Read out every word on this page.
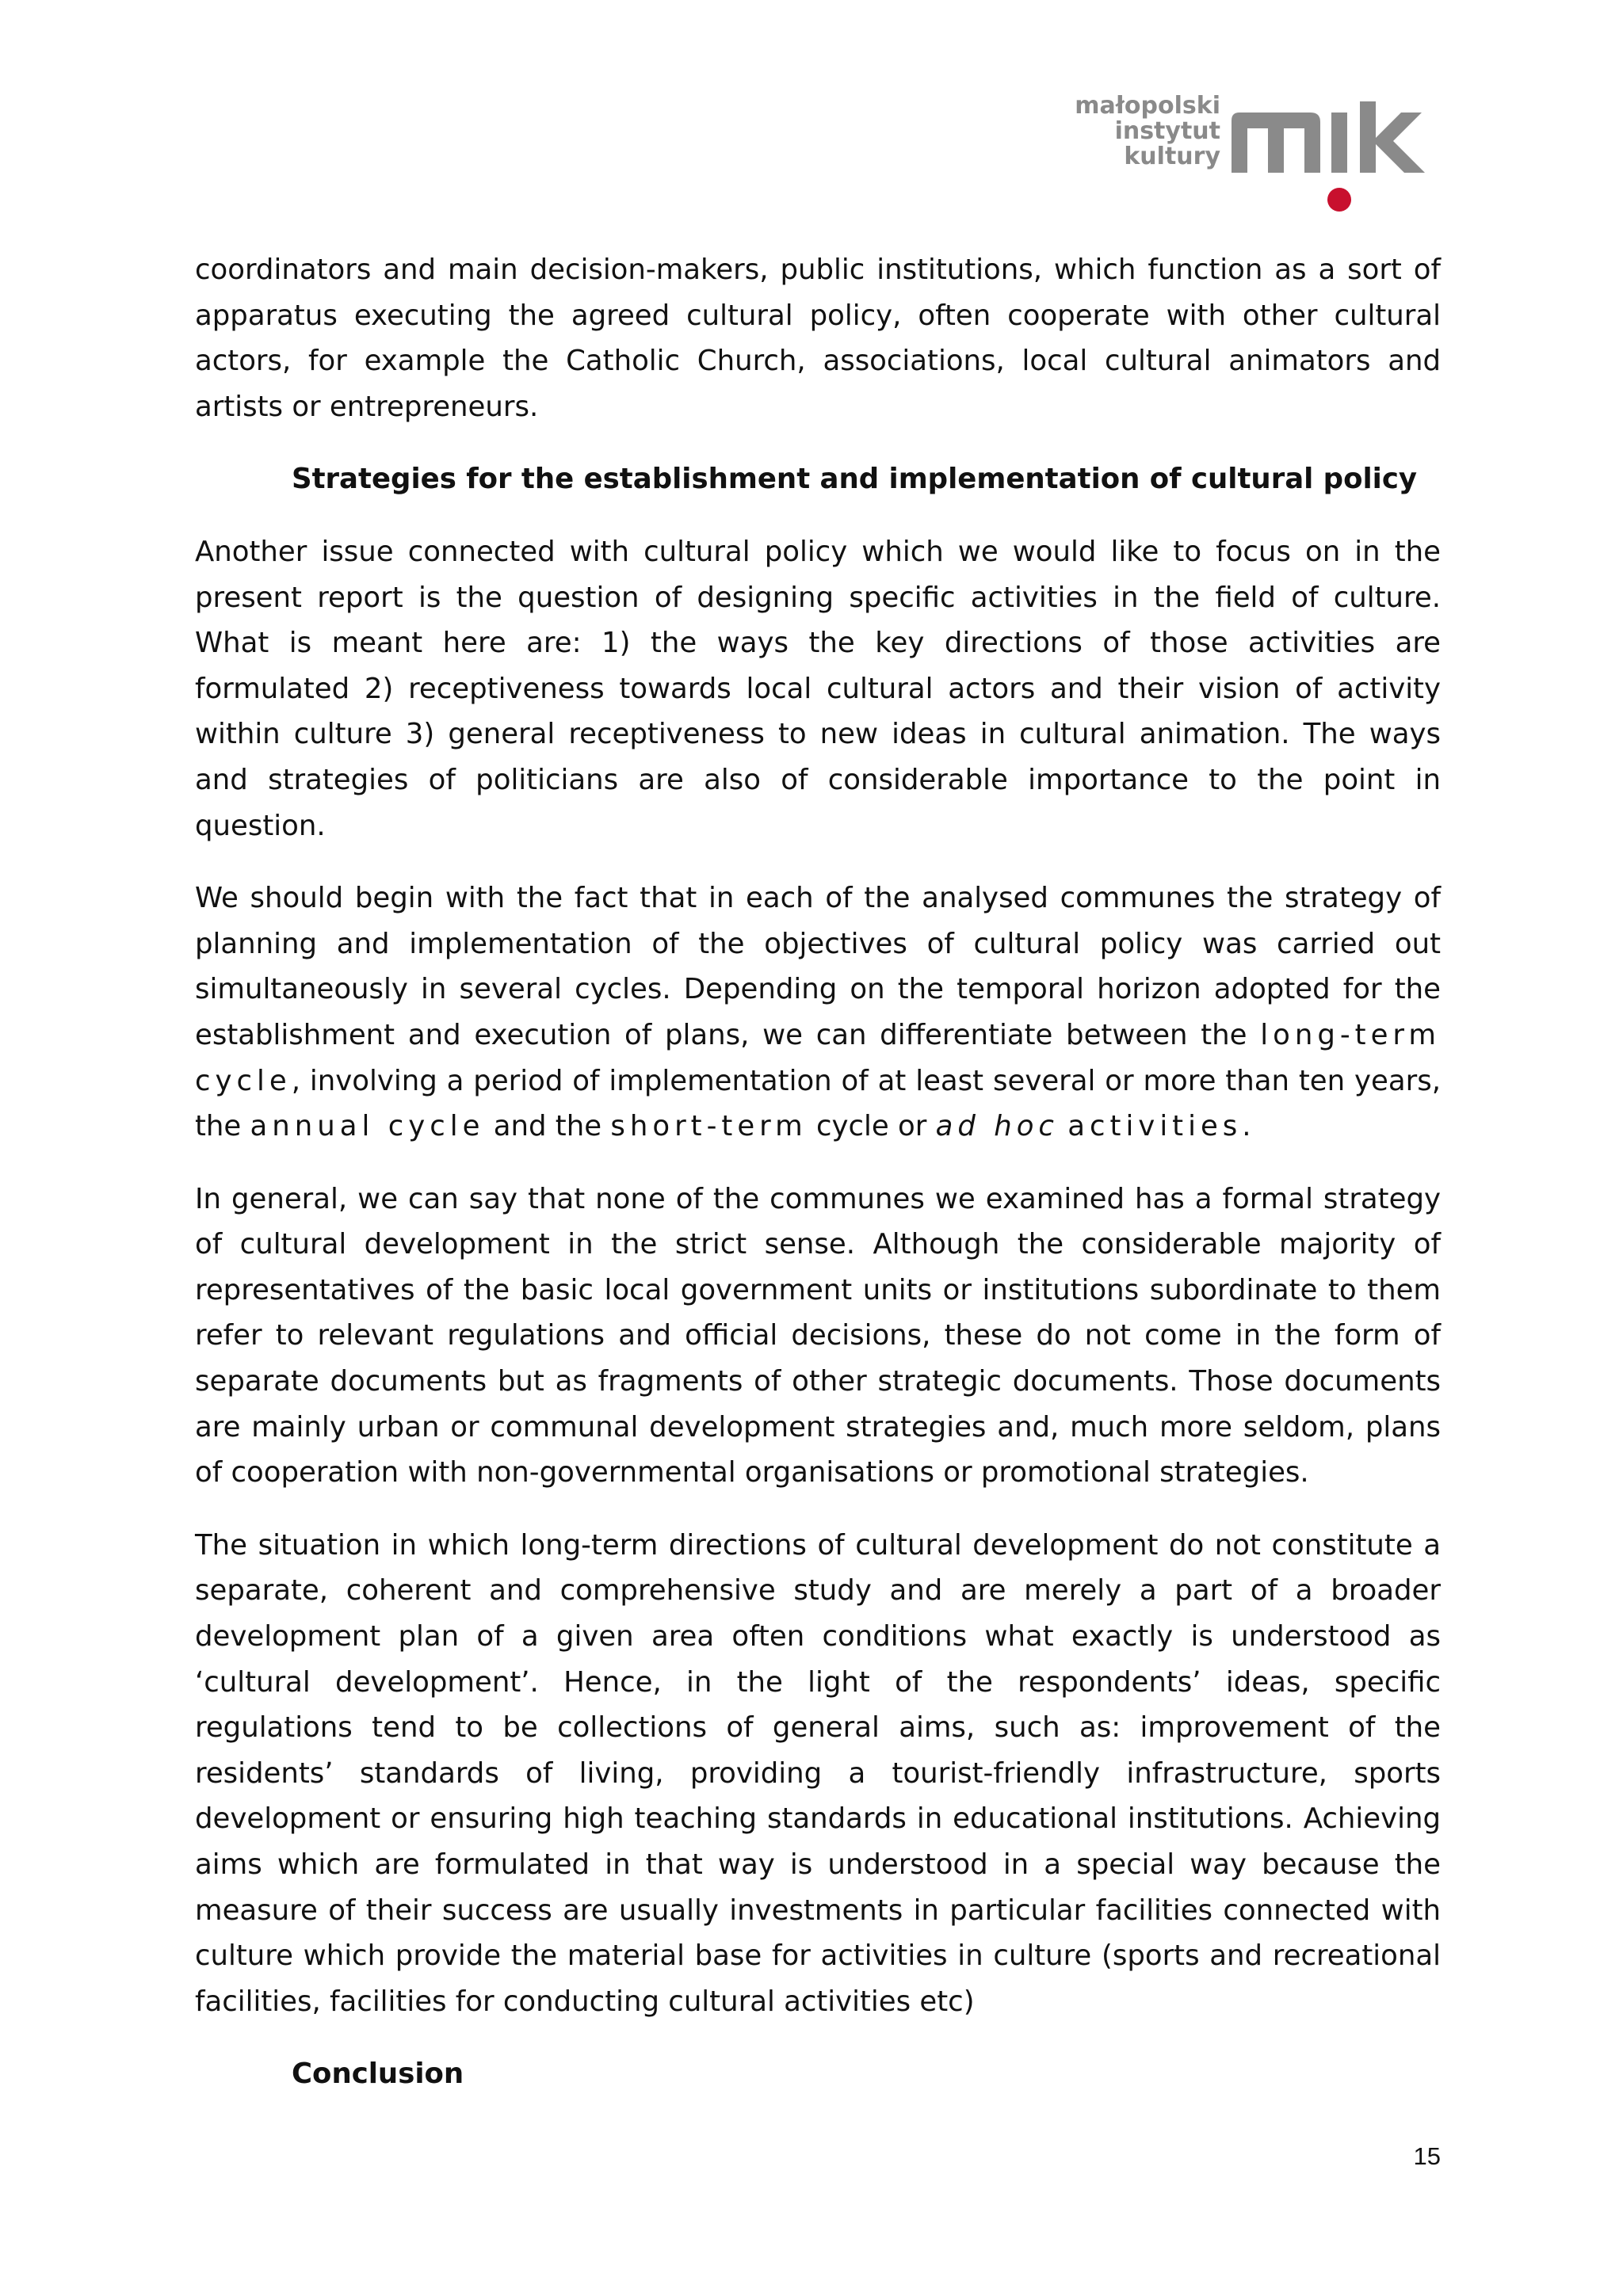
małopolski
instytut
kultury

coordinators and main decision-makers, public institutions, which function as a sort of apparatus executing the agreed cultural policy, often cooperate with other cultural actors, for example the Catholic Church, associations, local cultural animators and artists or entrepreneurs.

Strategies for the establishment and implementation of cultural policy

Another issue connected with cultural policy which we would like to focus on in the present report is the question of designing specific activities in the field of culture. What is meant here are: 1) the ways the key directions of those activities are formulated 2) receptiveness towards local cultural actors and their vision of activity within culture 3) general receptiveness to new ideas in cultural animation. The ways and strategies of politicians are also of considerable importance to the point in question.

We should begin with the fact that in each of the analysed communes the strategy of planning and implementation of the objectives of cultural policy was carried out simultaneously in several cycles. Depending on the temporal horizon adopted for the establishment and execution of plans, we can differentiate between the long-term cycle, involving a period of implementation of at least several or more than ten years, the annual cycle and the short-term cycle or ad hoc activities.

In general, we can say that none of the communes we examined has a formal strategy of cultural development in the strict sense. Although the considerable majority of representatives of the basic local government units or institutions subordinate to them refer to relevant regulations and official decisions, these do not come in the form of separate documents but as fragments of other strategic documents. Those documents are mainly urban or communal development strategies and, much more seldom, plans of cooperation with non-governmental organisations or promotional strategies.

The situation in which long-term directions of cultural development do not constitute a separate, coherent and comprehensive study and are merely a part of a broader development plan of a given area often conditions what exactly is understood as ‘cultural development’. Hence, in the light of the respondents’ ideas, specific regulations tend to be collections of general aims, such as: improvement of the residents’ standards of living, providing a tourist-friendly infrastructure, sports development or ensuring high teaching standards in educational institutions. Achieving aims which are formulated in that way is understood in a special way because the measure of their success are usually investments in particular facilities connected with culture which provide the material base for activities in culture (sports and recreational facilities, facilities for conducting cultural activities etc)

Conclusion
15
